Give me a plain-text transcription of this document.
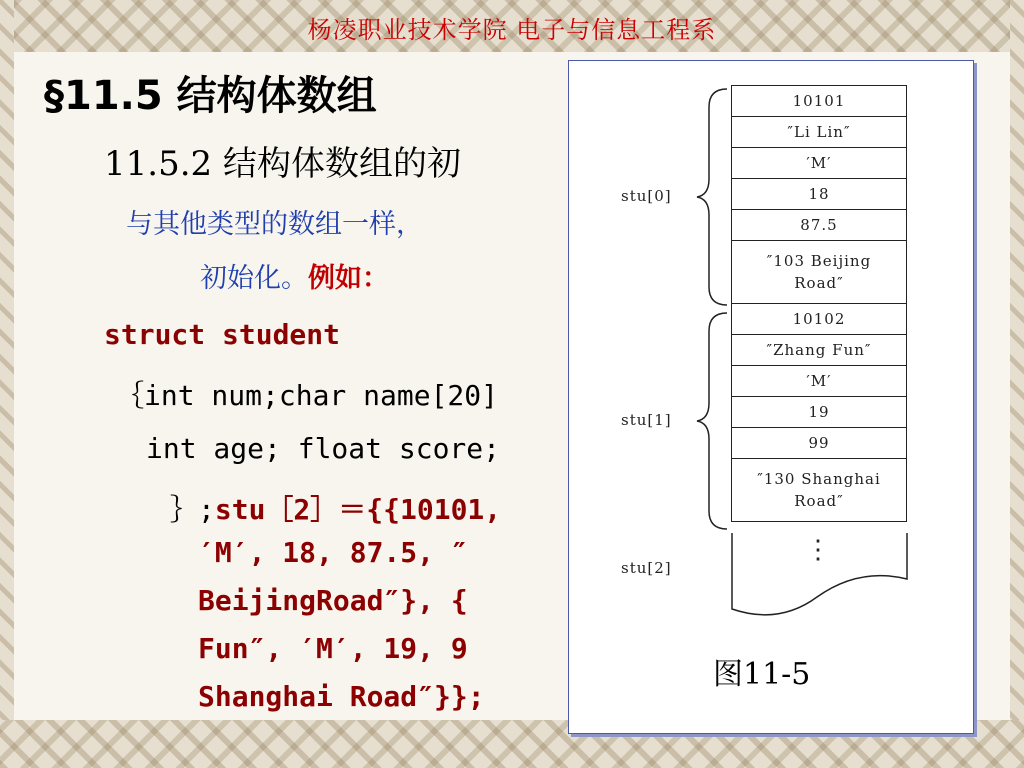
杨凌职业技术学院 电子与信息工程系
§11.5 结构体数组
11.5.2 结构体数组的初
与其他类型的数组一样，
初始化。例如：
struct student
｛int num;char name[20]
int age; float score;
｝;stu［2］＝{{10101,
′M′, 18, 87.5, ″
BeijingRoad″}, {
Fun″, ′M′, 19, 9
Shanghai Road″}};
10101
″Li Lin″
′M′
18
87.5
″103 Beijing
Road″
10102
″Zhang Fun″
′M′
19
99
″130 Shanghai
Road″
⋮
stu[0]
stu[1]
stu[2]
图11-5
